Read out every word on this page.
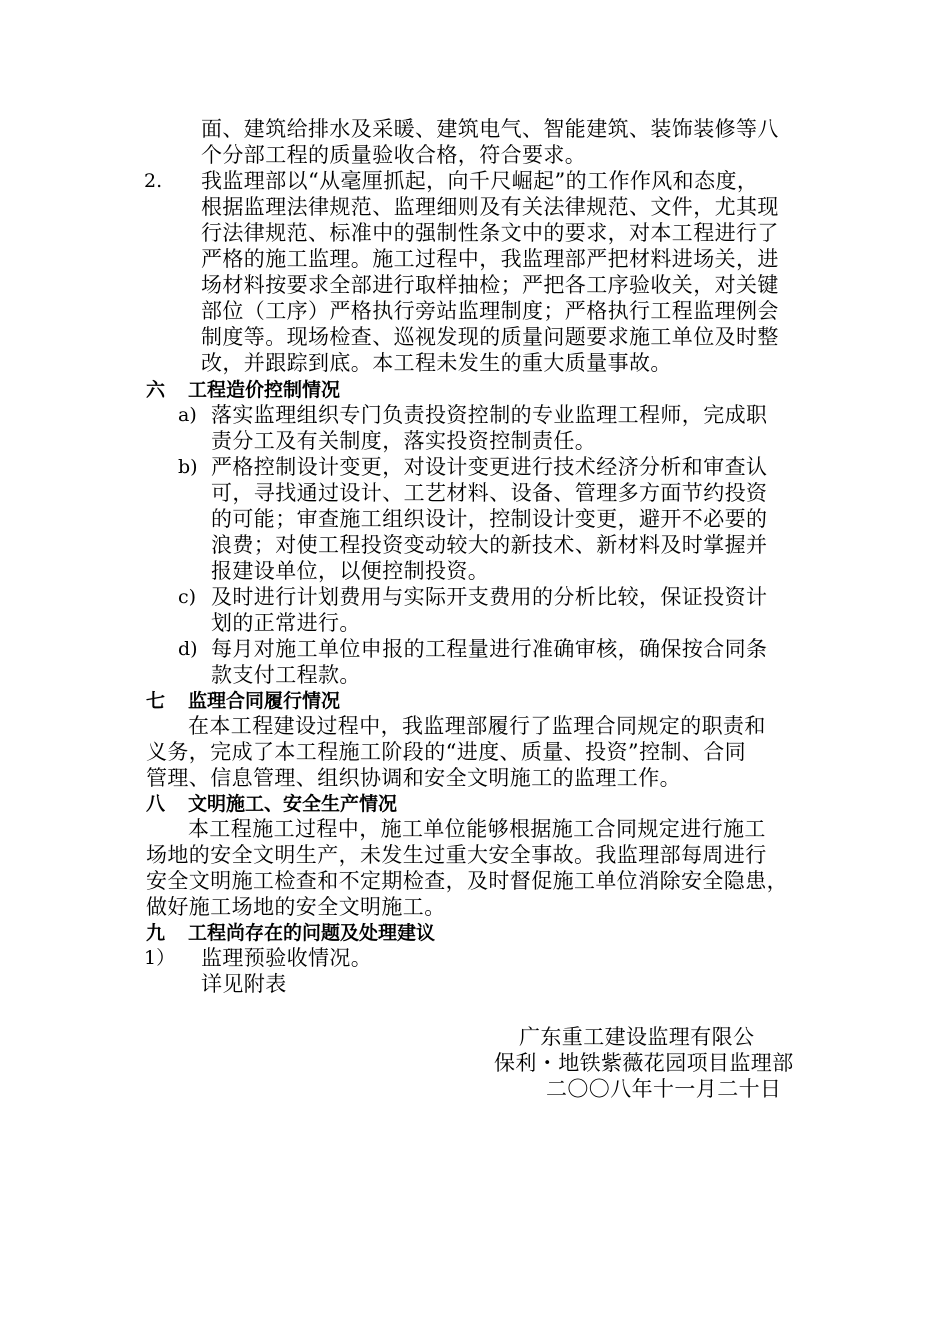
面、建筑给排水及采暖、建筑电气、智能建筑、装饰装修等八
个分部工程的质量验收合格，符合要求。
2. 我监理部以“从毫厘抓起，向千尺崛起”的工作作风和态度，
根据监理法律规范、监理细则及有关法律规范、文件，尤其现
行法律规范、标准中的强制性条文中的要求，对本工程进行了
严格的施工监理。施工过程中，我监理部严把材料进场关，进
场材料按要求全部进行取样抽检；严把各工序验收关，对关键
部位（工序）严格执行旁站监理制度；严格执行工程监理例会
制度等。现场检查、巡视发现的质量问题要求施工单位及时整
改，并跟踪到底。本工程未发生的重大质量事故。
六 工程造价控制情况
a) 落实监理组织专门负责投资控制的专业监理工程师，完成职
责分工及有关制度，落实投资控制责任。
b) 严格控制设计变更，对设计变更进行技术经济分析和审查认
可，寻找通过设计、工艺材料、设备、管理多方面节约投资
的可能；审查施工组织设计，控制设计变更，避开不必要的
浪费；对使工程投资变动较大的新技术、新材料及时掌握并
报建设单位，以便控制投资。
c) 及时进行计划费用与实际开支费用的分析比较，保证投资计
划的正常进行。
d) 每月对施工单位申报的工程量进行准确审核，确保按合同条
款支付工程款。
七 监理合同履行情况
在本工程建设过程中，我监理部履行了监理合同规定的职责和
义务，完成了本工程施工阶段的“进度、质量、投资”控制、合同
管理、信息管理、组织协调和安全文明施工的监理工作。
八 文明施工、安全生产情况
本工程施工过程中，施工单位能够根据施工合同规定进行施工
场地的安全文明生产，未发生过重大安全事故。我监理部每周进行
安全文明施工检查和不定期检查，及时督促施工单位消除安全隐患，
做好施工场地的安全文明施工。
九 工程尚存在的问题及处理建议
1） 监理预验收情况。
详见附表
广东重工建设监理有限公
保利・地铁紫薇花园项目监理部
二〇〇八年十一月二十日
